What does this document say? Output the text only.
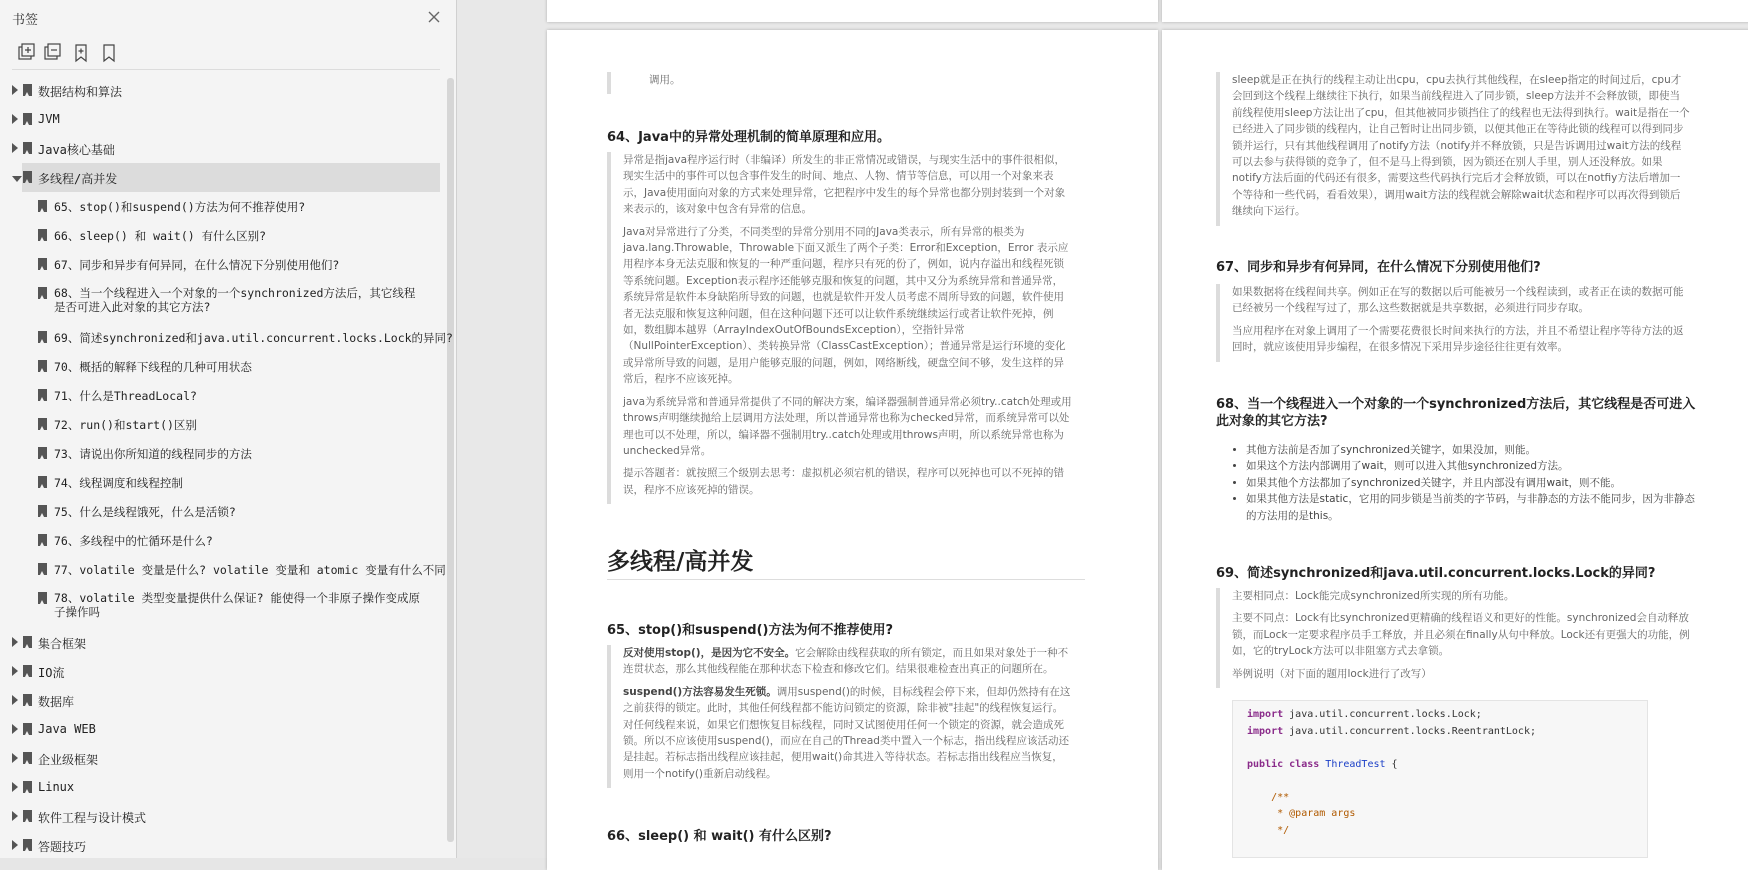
书签
数据结构和算法
JVM
Java核心基础
多线程/高并发
65、stop()和suspend()方法为何不推荐使用?
66、sleep() 和 wait() 有什么区别?
67、同步和异步有何异同，在什么情况下分别使用他们?
68、当一个线程进入一个对象的一个synchronized方法后，其它线程是否可进入此对象的其它方法?
69、简述synchronized和java.util.concurrent.locks.Lock的异同?
70、概括的解释下线程的几种可用状态
71、什么是ThreadLocal?
72、run()和start()区别
73、请说出你所知道的线程同步的方法
74、线程调度和线程控制
75、什么是线程饿死，什么是活锁?
76、多线程中的忙循环是什么?
77、volatile 变量是什么? volatile 变量和 atomic 变量有什么不同
78、volatile 类型变量提供什么保证? 能使得一个非原子操作变成原子操作吗
集合框架
IO流
数据库
Java WEB
企业级框架
Linux
软件工程与设计模式
答题技巧

调用。

64、Java中的异常处理机制的简单原理和应用。

异常是指java程序运行时（非编译）所发生的非正常情况或错误，与现实生活中的事件很相似，现实生活中的事件可以包含事件发生的时间、地点、人物、情节等信息，可以用一个对象来表示，Java使用面向对象的方式来处理异常，它把程序中发生的每个异常也都分别封装到一个对象来表示的，该对象中包含有异常的信息。

Java对异常进行了分类，不同类型的异常分别用不同的Java类表示，所有异常的根类为java.lang.Throwable，Throwable下面又派生了两个子类：Error和Exception，Error 表示应用程序本身无法克服和恢复的一种严重问题，程序只有死的份了，例如，说内存溢出和线程死锁等系统问题。Exception表示程序还能够克服和恢复的问题，其中又分为系统异常和普通异常，系统异常是软件本身缺陷所导致的问题，也就是软件开发人员考虑不周所导致的问题，软件使用者无法克服和恢复这种问题，但在这种问题下还可以让软件系统继续运行或者让软件死掉，例如，数组脚本越界（ArrayIndexOutOfBoundsException），空指针异常（NullPointerException）、类转换异常（ClassCastException）；普通异常是运行环境的变化或异常所导致的问题，是用户能够克服的问题，例如，网络断线，硬盘空间不够，发生这样的异常后，程序不应该死掉。

java为系统异常和普通异常提供了不同的解决方案，编译器强制普通异常必须try..catch处理或用throws声明继续抛给上层调用方法处理，所以普通异常也称为checked异常，而系统异常可以处理也可以不处理，所以，编译器不强制用try..catch处理或用throws声明，所以系统异常也称为unchecked异常。

提示答题者：就按照三个级别去思考：虚拟机必须宕机的错误，程序可以死掉也可以不死掉的错误，程序不应该死掉的错误。

多线程/高并发
65、stop()和suspend()方法为何不推荐使用?

反对使用stop()，是因为它不安全。它会解除由线程获取的所有锁定，而且如果对象处于一种不连贯状态，那么其他线程能在那种状态下检查和修改它们。结果很难检查出真正的问题所在。

suspend()方法容易发生死锁。调用suspend()的时候，目标线程会停下来，但却仍然持有在这之前获得的锁定。此时，其他任何线程都不能访问锁定的资源，除非被"挂起"的线程恢复运行。对任何线程来说，如果它们想恢复目标线程，同时又试图使用任何一个锁定的资源，就会造成死锁。所以不应该使用suspend()，而应在自己的Thread类中置入一个标志，指出线程应该活动还是挂起。若标志指出线程应该挂起，便用wait()命其进入等待状态。若标志指出线程应当恢复，则用一个notify()重新启动线程。

66、sleep() 和 wait() 有什么区别?

sleep就是正在执行的线程主动让出cpu，cpu去执行其他线程，在sleep指定的时间过后，cpu才会回到这个线程上继续往下执行，如果当前线程进入了同步锁，sleep方法并不会释放锁，即使当前线程使用sleep方法让出了cpu，但其他被同步锁挡住了的线程也无法得到执行。wait是指在一个已经进入了同步锁的线程内，让自己暂时让出同步锁，以便其他正在等待此锁的线程可以得到同步锁并运行，只有其他线程调用了notify方法（notify并不释放锁，只是告诉调用过wait方法的线程可以去参与获得锁的竞争了，但不是马上得到锁，因为锁还在别人手里，别人还没释放。如果notify方法后面的代码还有很多，需要这些代码执行完后才会释放锁，可以在notfiy方法后增加一个等待和一些代码，看看效果），调用wait方法的线程就会解除wait状态和程序可以再次得到锁后继续向下运行。

67、同步和异步有何异同，在什么情况下分别使用他们?

如果数据将在线程间共享。例如正在写的数据以后可能被另一个线程读到，或者正在读的数据可能已经被另一个线程写过了，那么这些数据就是共享数据，必须进行同步存取。

当应用程序在对象上调用了一个需要花费很长时间来执行的方法，并且不希望让程序等待方法的返回时，就应该使用异步编程，在很多情况下采用异步途径往往更有效率。

68、当一个线程进入一个对象的一个synchronized方法后，其它线程是否可进入此对象的其它方法?
• 其他方法前是否加了synchronized关键字，如果没加，则能。
• 如果这个方法内部调用了wait，则可以进入其他synchronized方法。
• 如果其他个方法都加了synchronized关键字，并且内部没有调用wait，则不能。
• 如果其他方法是static，它用的同步锁是当前类的字节码，与非静态的方法不能同步，因为非静态的方法用的是this。
69、简述synchronized和java.util.concurrent.locks.Lock的异同?

主要相同点：Lock能完成synchronized所实现的所有功能。

主要不同点：Lock有比synchronized更精确的线程语义和更好的性能。synchronized会自动释放锁，而Lock一定要求程序员手工释放，并且必须在finally从句中释放。Lock还有更强大的功能，例如，它的tryLock方法可以非阻塞方式去拿锁。

举例说明（对下面的题用lock进行了改写）

import java.util.concurrent.locks.Lock;
import java.util.concurrent.locks.ReentrantLock;

public class ThreadTest {

/**
* @param args
*/
